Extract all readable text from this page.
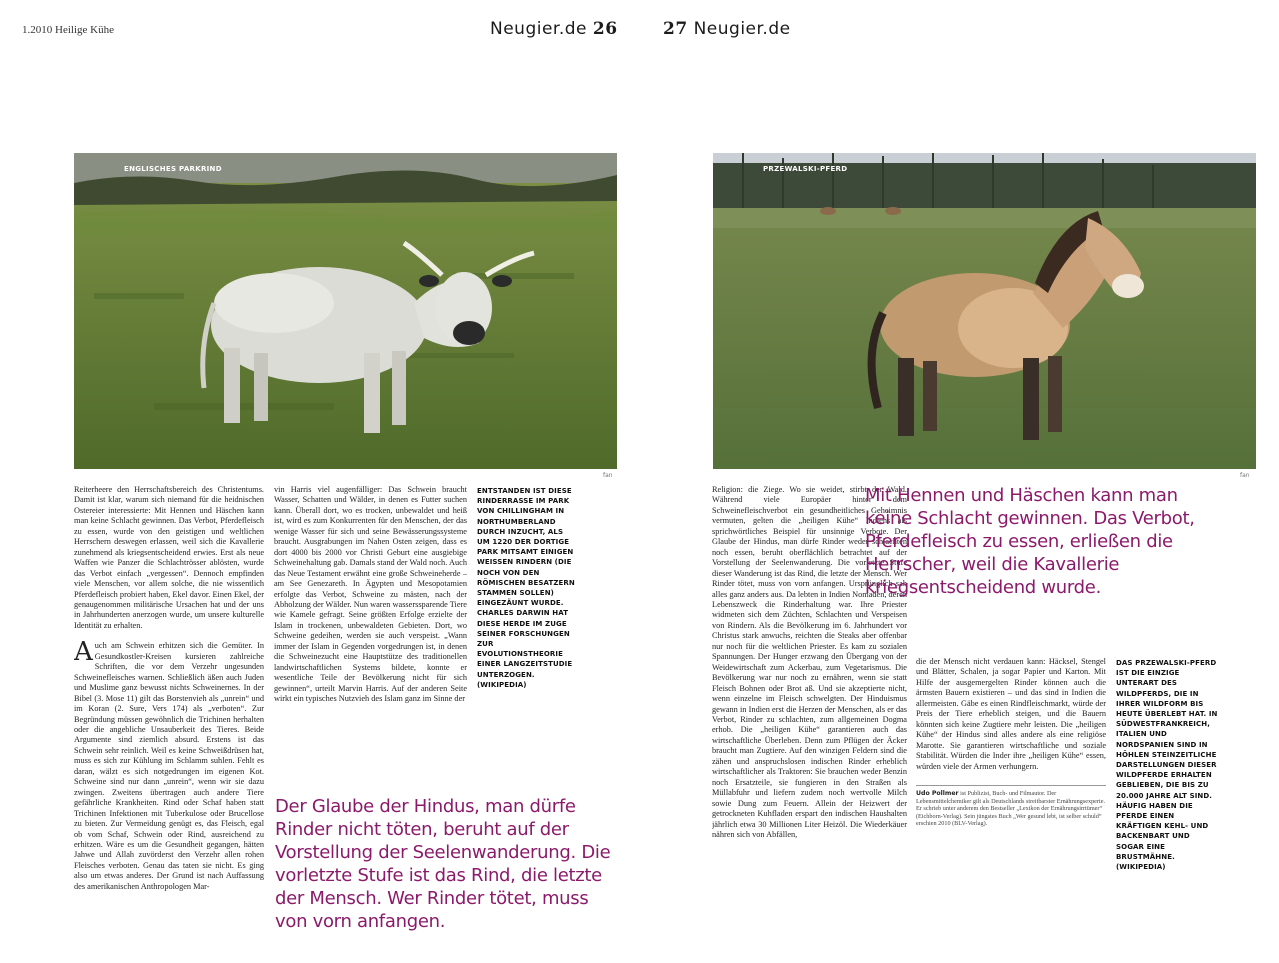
1.2010 Heilige Kühe	Neugier.de 26	27 Neugier.de
ENGLISCHES PARKRIND
fan
PRZEWALSKI-PFERD
fan

Reiterheere den Herrschaftsbereich des Christentums. Damit ist klar, warum sich niemand für die heidnischen Ostereier interessierte: Mit Hennen und Häschen kann man keine Schlacht gewinnen. Das Verbot, Pferdefleisch zu essen, wurde von den geistigen und weltlichen Herrschern deswegen erlassen, weil sich die Kavallerie zunehmend als kriegsentscheidend erwies. Erst als neue Waffen wie Panzer die Schlachtrösser ablösten, wurde das Verbot einfach „vergessen“. Dennoch empfinden viele Menschen, vor allem solche, die nie wissentlich Pferdefleisch probiert haben, Ekel davor. Einen Ekel, der genaugenommen militärische Ursachen hat und der uns in Jahrhunderten anerzogen wurde, um unsere kulturelle Identität zu erhalten.

Auch am Schwein erhitzen sich die Gemüter. In Gesundkostler-Kreisen kursieren zahlreiche Schriften, die vor dem Verzehr ungesunden Schweinefleisches warnen. Schließlich äßen auch Juden und Muslime ganz bewusst nichts Schweinernes. In der Bibel (3. Mose 11) gilt das Borstenvieh als „unrein“ und im Koran (2. Sure, Vers 174) als „verboten“. Zur Begründung müssen gewöhnlich die Trichinen herhalten oder die angebliche Unsauberkeit des Tieres. Beide Argumente sind ziemlich absurd. Erstens ist das Schwein sehr reinlich. Weil es keine Schweißdrüsen hat, muss es sich zur Kühlung im Schlamm suhlen. Fehlt es daran, wälzt es sich notgedrungen im eigenen Kot. Schweine sind nur dann „unrein“, wenn wir sie dazu zwingen. Zweitens übertragen auch andere Tiere gefährliche Krankheiten. Rind oder Schaf haben statt Trichinen Infektionen mit Tuberkulose oder Brucellose zu bieten. Zur Vermeidung genügt es, das Fleisch, egal ob vom Schaf, Schwein oder Rind, ausreichend zu erhitzen. Wäre es um die Gesundheit gegangen, hätten Jahwe und Allah zuvörderst den Verzehr allen rohen Fleisches verboten. Genau das taten sie nicht. Es ging also um etwas anderes. Der Grund ist nach Auffassung des amerikanischen Anthropologen Mar-

vin Harris viel augenfälliger: Das Schwein braucht Wasser, Schatten und Wälder, in denen es Futter suchen kann. Überall dort, wo es trocken, unbewaldet und heiß ist, wird es zum Konkurrenten für den Menschen, der das wenige Wasser für sich und seine Bewässerungssysteme braucht. Ausgrabungen im Nahen Osten zeigen, dass es dort 4000 bis 2000 vor Christi Geburt eine ausgiebige Schweinehaltung gab. Damals stand der Wald noch. Auch das Neue Testament erwähnt eine große Schweineherde – am See Genezareth. In Ägypten und Mesopotamien erfolgte das Verbot, Schweine zu mästen, nach der Abholzung der Wälder. Nun waren wasserssparende Tiere wie Kamele gefragt. Seine größten Erfolge erzielte der Islam in trockenen, unbewaldeten Gebieten. Dort, wo Schweine gedeihen, werden sie auch verspeist. „Wann immer der Islam in Gegenden vorgedrungen ist, in denen die Schweinezucht eine Hauptstütze des traditionellen landwirtschaftlichen Systems bildete, konnte er wesentliche Teile der Bevölkerung nicht für sich gewinnen“, urteilt Marvin Harris. Auf der anderen Seite wirkt ein typisches Nutzvieh des Islam ganz im Sinne der

ENTSTANDEN IST DIESE RINDERRASSE IM PARK VON CHILLINGHAM IN NORTHUMBERLAND DURCH INZUCHT, ALS UM 1220 DER DORTIGE PARK MITSAMT EINIGEN WEISSEN RINDERN (DIE NOCH VON DEN RÖMISCHEN BESATZERN STAMMEN SOLLEN) EINGEZÄUNT WURDE. CHARLES DARWIN HAT DIESE HERDE IM ZUGE SEINER FORSCHUNGEN ZUR EVOLUTIONSTHEORIE EINER LANGZEITSTUDIE UNTERZOGEN. (WIKIPEDIA)
Der Glaube der Hindus, man dürfe Rinder nicht töten, beruht auf der Vorstellung der Seelenwanderung. Die vorletzte Stufe ist das Rind, die letzte der Mensch. Wer Rinder tötet, muss von vorn anfangen.

Religion: die Ziege. Wo sie weidet, stirbt der Wald. Während viele Europäer hinter dem Schweinefleischverbot ein gesundheitliches Geheimnis vermuten, gelten die „heiligen Kühe“ Indiens als sprichwörtliches Beispiel für unsinnige Verbote. Der Glaube der Hindus, man dürfe Rinder weder schlachten noch essen, beruht oberflächlich betrachtet auf der Vorstellung der Seelenwanderung. Die vorletzte Stufe dieser Wanderung ist das Rind, die letzte der Mensch. Wer Rinder tötet, muss von vorn anfangen. Ursprünglich sah alles ganz anders aus. Da lebten in Indien Nomaden, deren Lebenszweck die Rinderhaltung war. Ihre Priester widmeten sich dem Züchten, Schlachten und Verspeisen von Rindern. Als die Bevölkerung im 6. Jahrhundert vor Christus stark anwuchs, reichten die Steaks aber offenbar nur noch für die weltlichen Priester. Es kam zu sozialen Spannungen. Der Hunger erzwang den Übergang von der Weidewirtschaft zum Ackerbau, zum Vegetarismus. Die Bevölkerung war nur noch zu ernähren, wenn sie statt Fleisch Bohnen oder Brot aß. Und sie akzeptierte nicht, wenn einzelne im Fleisch schwelgten. Der Hinduismus gewann in Indien erst die Herzen der Menschen, als er das Verbot, Rinder zu schlachten, zum allgemeinen Dogma erhob. Die „heiligen Kühe“ garantieren auch das wirtschaftliche Überleben. Denn zum Pflügen der Äcker braucht man Zugtiere. Auf den winzigen Feldern sind die zähen und anspruchslosen indischen Rinder erheblich wirtschaftlicher als Traktoren: Sie brauchen weder Benzin noch Ersatzteile, sie fungieren in den Straßen als Müllabfuhr und liefern zudem noch wertvolle Milch sowie Dung zum Feuern. Allein der Heizwert der getrockneten Kuhfladen erspart den indischen Haushalten jährlich etwa 30 Millionen Liter Heizöl. Die Wiederkäuer nähren sich von Abfällen,

Mit Hennen und Häschen kann man keine Schlacht gewinnen. Das Verbot, Pferdefleisch zu essen, erließen die Herrscher, weil die Kavallerie kriegsentscheidend wurde.

die der Mensch nicht verdauen kann: Häcksel, Stengel und Blätter, Schalen, ja sogar Papier und Karton. Mit Hilfe der ausgemergelten Rinder können auch die ärmsten Bauern existieren – und das sind in Indien die allermeisten. Gäbe es einen Rindfleischmarkt, würde der Preis der Tiere erheblich steigen, und die Bauern könnten sich keine Zugtiere mehr leisten. Die „heiligen Kühe“ der Hindus sind alles andere als eine religiöse Marotte. Sie garantieren wirtschaftliche und soziale Stabilität. Würden die Inder ihre „heiligen Kühe“ essen, würden viele der Armen verhungern.

Udo Pollmer ist Publizist, Buch- und Filmautor. Der Lebensmittelchemiker gilt als Deutschlands streitbarster Ernährungsexperte. Er schrieb unter anderem den Bestseller „Lexikon der Ernährungsirrtümer“ (Eichborn-Verlag). Sein jüngstes Buch „Wer gesund lebt, ist selber schuld“ erschien 2010 (BLV-Verlag).
DAS PRZEWALSKI-PFERD IST DIE EINZIGE UNTERART DES WILDPFERDS, DIE IN IHRER WILDFORM BIS HEUTE ÜBERLEBT HAT. IN SÜDWESTFRANKREICH, ITALIEN UND NORDSPANIEN SIND IN HÖHLEN STEINZEITLICHE DARSTELLUNGEN DIESER WILDPFERDE ERHALTEN GEBLIEBEN, DIE BIS ZU 20.000 JAHRE ALT SIND. HÄUFIG HABEN DIE PFERDE EINEN KRÄFTIGEN KEHL- UND BACKENBART UND SOGAR EINE BRUSTMÄHNE. (WIKIPEDIA)
